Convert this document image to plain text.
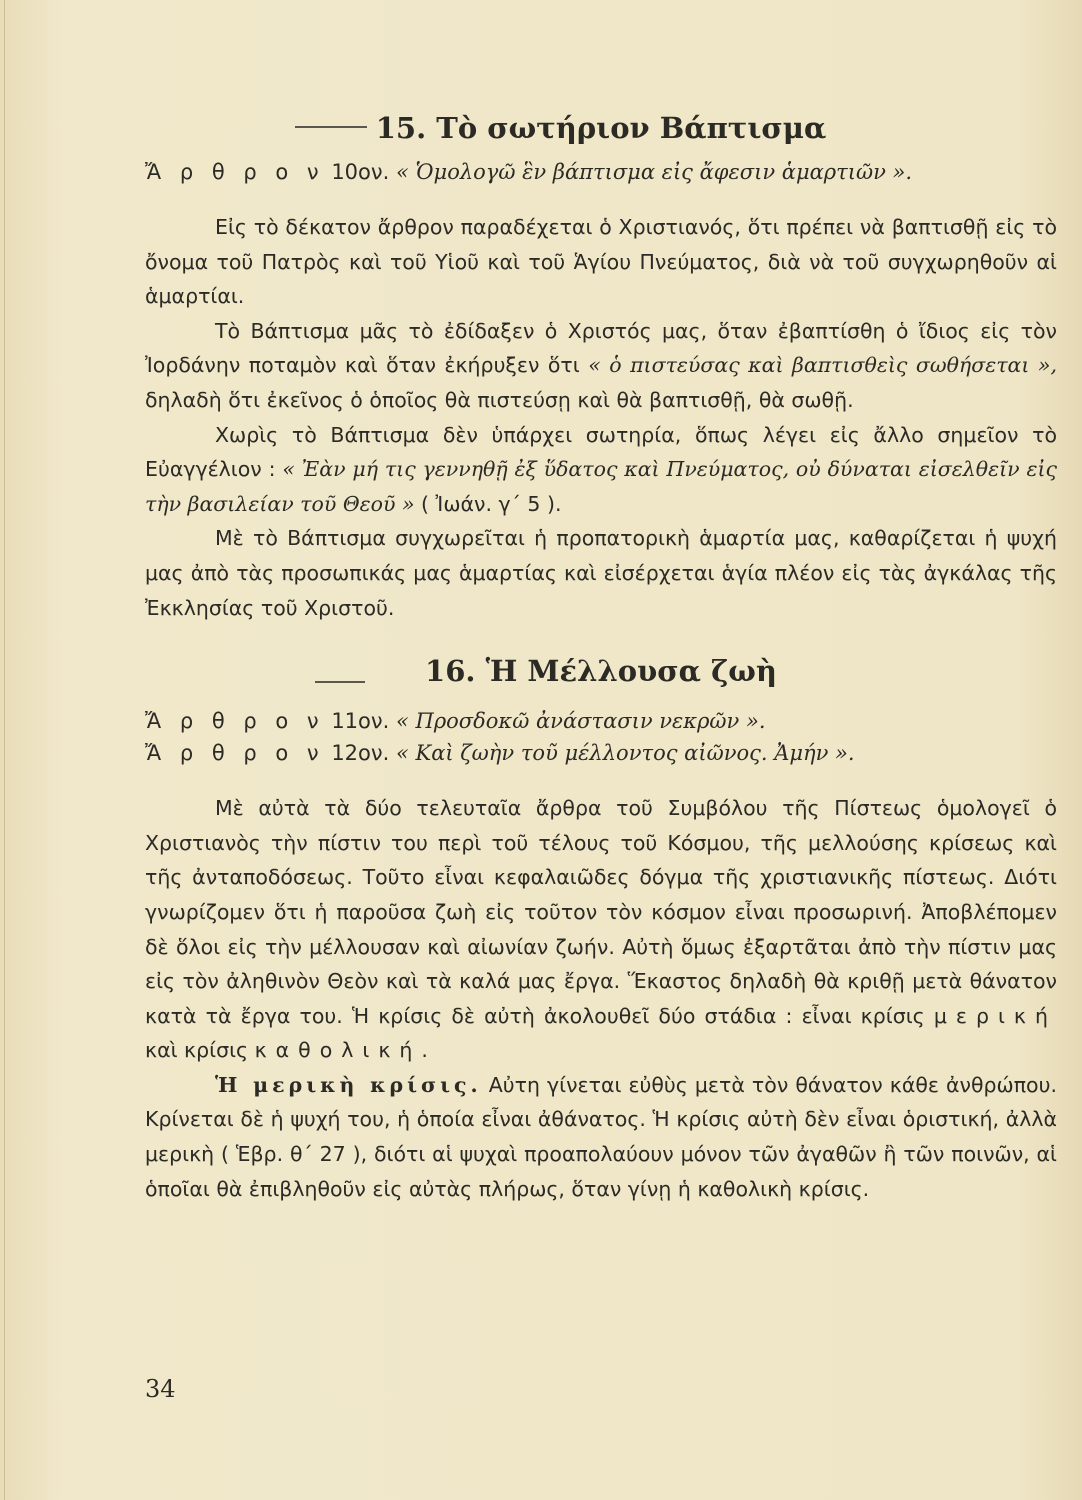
15. Τὸ σωτήριον Βάπτισμα

Ἄ ρ θ ρ ο ν 10ον. « Ὁμολογῶ ἓν βάπτισμα εἰς ἄφεσιν ἁμαρτιῶν ».

Εἰς τὸ δέκατον ἄρθρον παραδέχεται ὁ Χριστιανός, ὅτι πρέπει νὰ βαπτισθῇ εἰς τὸ ὄνομα τοῦ Πατρὸς καὶ τοῦ Υἱοῦ καὶ τοῦ Ἁγίου Πνεύματος, διὰ νὰ τοῦ συγχωρηθοῦν αἱ ἁμαρτίαι.

Τὸ Βάπτισμα μᾶς τὸ ἐδίδαξεν ὁ Χριστός μας, ὅταν ἐβαπτίσθη ὁ ἴδιος εἰς τὸν Ἰορδάνην ποταμὸν καὶ ὅταν ἐκήρυξεν ὅτι « ὁ πιστεύσας καὶ βαπτισθεὶς σωθήσεται », δηλαδὴ ὅτι ἐκεῖνος ὁ ὁποῖος θὰ πιστεύσῃ καὶ θὰ βαπτισθῇ, θὰ σωθῇ.

Χωρὶς τὸ Βάπτισμα δὲν ὑπάρχει σωτηρία, ὅπως λέγει εἰς ἄλλο σημεῖον τὸ Εὐαγγέλιον : « Ἐὰν μή τις γεννηθῇ ἐξ ὕδατος καὶ Πνεύματος, οὐ δύναται εἰσελθεῖν εἰς τὴν βασιλείαν τοῦ Θεοῦ » ( Ἰωάν. γ΄ 5 ).

Μὲ τὸ Βάπτισμα συγχωρεῖται ἡ προπατορικὴ ἁμαρτία μας, καθαρίζεται ἡ ψυχή μας ἀπὸ τὰς προσωπικάς μας ἁμαρτίας καὶ εἰσέρχεται ἁγία πλέον εἰς τὰς ἀγκάλας τῆς Ἐκκλησίας τοῦ Χριστοῦ.

16. Ἡ Μέλλουσα ζωὴ

Ἄ ρ θ ρ ο ν 11ον. « Προσδοκῶ ἀνάστασιν νεκρῶν ».

Ἄ ρ θ ρ ο ν 12ον. « Καὶ ζωὴν τοῦ μέλλοντος αἰῶνος. Ἀμήν ».

Μὲ αὐτὰ τὰ δύο τελευταῖα ἄρθρα τοῦ Συμβόλου τῆς Πίστεως ὁμολογεῖ ὁ Χριστιανὸς τὴν πίστιν του περὶ τοῦ τέλους τοῦ Κόσμου, τῆς μελλούσης κρίσεως καὶ τῆς ἀνταποδόσεως. Τοῦτο εἶναι κεφαλαιῶδες δόγμα τῆς χριστιανικῆς πίστεως. Διότι γνωρίζομεν ὅτι ἡ παροῦσα ζωὴ εἰς τοῦτον τὸν κόσμον εἶναι προσωρινή. Ἀποβλέπομεν δὲ ὅλοι εἰς τὴν μέλλουσαν καὶ αἰωνίαν ζωήν. Αὐτὴ ὅμως ἐξαρτᾶται ἀπὸ τὴν πίστιν μας εἰς τὸν ἀληθινὸν Θεὸν καὶ τὰ καλά μας ἔργα. Ἕκαστος δηλαδὴ θὰ κριθῇ μετὰ θάνατον κατὰ τὰ ἔργα του. Ἡ κρίσις δὲ αὐτὴ ἀκολουθεῖ δύο στάδια : εἶναι κρίσις μερική καὶ κρίσις καθολική.

Ἡ μερικὴ κρίσις. Αὐτη γίνεται εὐθὺς μετὰ τὸν θάνατον κάθε ἀνθρώπου. Κρίνεται δὲ ἡ ψυχή του, ἡ ὁποία εἶναι ἀθάνατος. Ἡ κρίσις αὐτὴ δὲν εἶναι ὁριστική, ἀλλὰ μερικὴ ( Ἑβρ. θ΄ 27 ), διότι αἱ ψυχαὶ προαπολαύουν μόνον τῶν ἀγαθῶν ἢ τῶν ποινῶν, αἱ ὁποῖαι θὰ ἐπιβληθοῦν εἰς αὐτὰς πλήρως, ὅταν γίνῃ ἡ καθολικὴ κρίσις.

34
